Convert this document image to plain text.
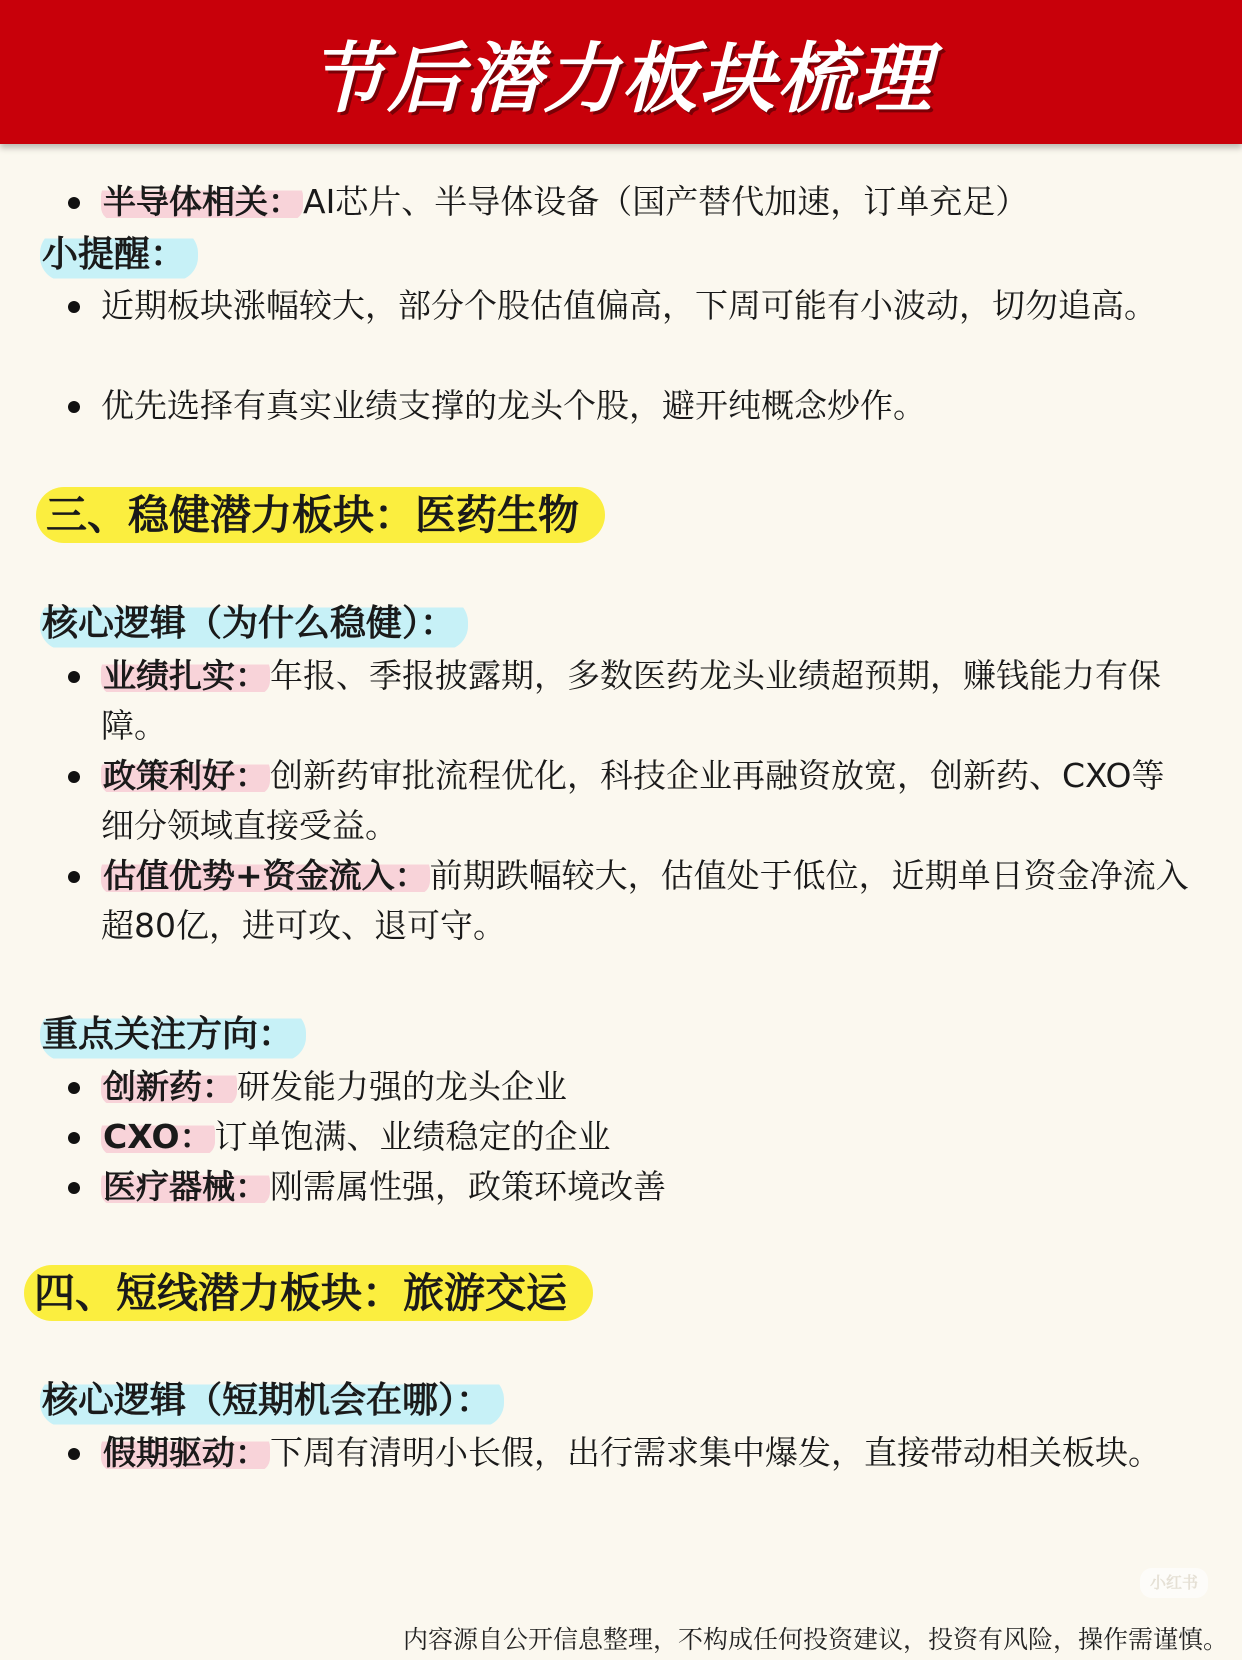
节后潜力板块梳理
半导体相关：AI芯片、半导体设备（国产替代加速，订单充足）
小提醒：
近期板块涨幅较大，部分个股估值偏高，下周可能有小波动，切勿追高。
优先选择有真实业绩支撑的龙头个股，避开纯概念炒作。
三、稳健潜力板块：医药生物
核心逻辑（为什么稳健）：
业绩扎实：年报、季报披露期，多数医药龙头业绩超预期，赚钱能力有保障。
政策利好：创新药审批流程优化，科技企业再融资放宽，创新药、CXO等细分领域直接受益。
估值优势+资金流入：前期跌幅较大，估值处于低位，近期单日资金净流入超80亿，进可攻、退可守。
重点关注方向：
创新药：研发能力强的龙头企业
CXO：订单饱满、业绩稳定的企业
医疗器械：刚需属性强，政策环境改善
四、短线潜力板块：旅游交运
核心逻辑（短期机会在哪）：
假期驱动：下周有清明小长假，出行需求集中爆发，直接带动相关板块。
小红书
内容源自公开信息整理，不构成任何投资建议，投资有风险，操作需谨慎。
